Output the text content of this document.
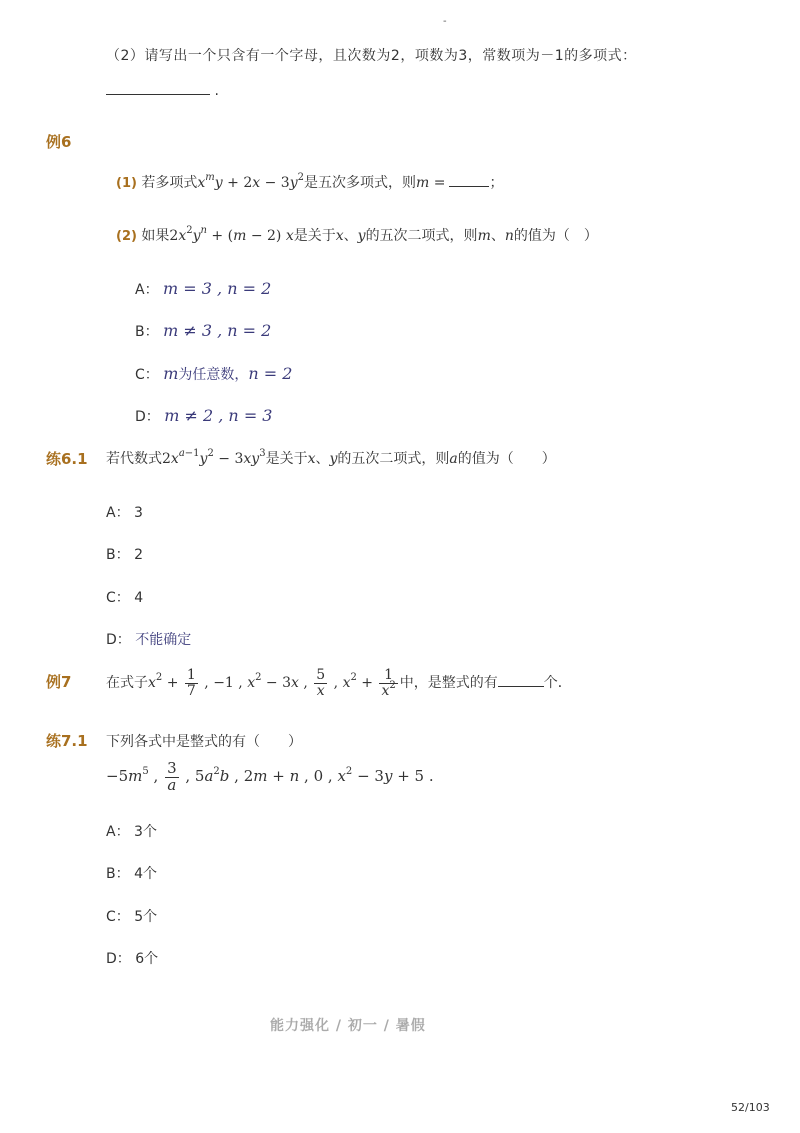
-
（2）请写出一个只含有一个字母，且次数为2，项数为3，常数项为－1的多项式：
.
例6
(1) 若多项式$x^my + 2x - 3y^2$是五次多项式，则m =	；
(2) 如果$2x^2y^n + (m - 2)$ x是关于x、y的五次二项式，则m、n的值为（　）
A： m = 3 , n = 2
B： m ≠ 3 , n = 2
C： m为任意数，n = 2
D： m ≠ 2 , n = 3
练6.1 若代数式$2x^{a-1}y^2 - 3xy^3$是关于x、y的五次二项式，则a的值为（　　）
A： 3
B： 2
C： 4
D： 不能确定
例7 在式子$x^2 + \frac{1}{7}$ , −1 , $x^2 - 3x$ , $\frac{5}{x}$ , $x^2 + \frac{1}{x^2}$ 中，是整式的有	个．
练7.1 下列各式中是整式的有（　　）
$-5m^5$ , $\frac{3}{a}$ , $5a^2b$ , 2m + n , 0 , $x^2 - 3y + 5$ .
A： 3个
B： 4个
C： 5个
D： 6个
能力强化 / 初一 / 暑假
52/103
